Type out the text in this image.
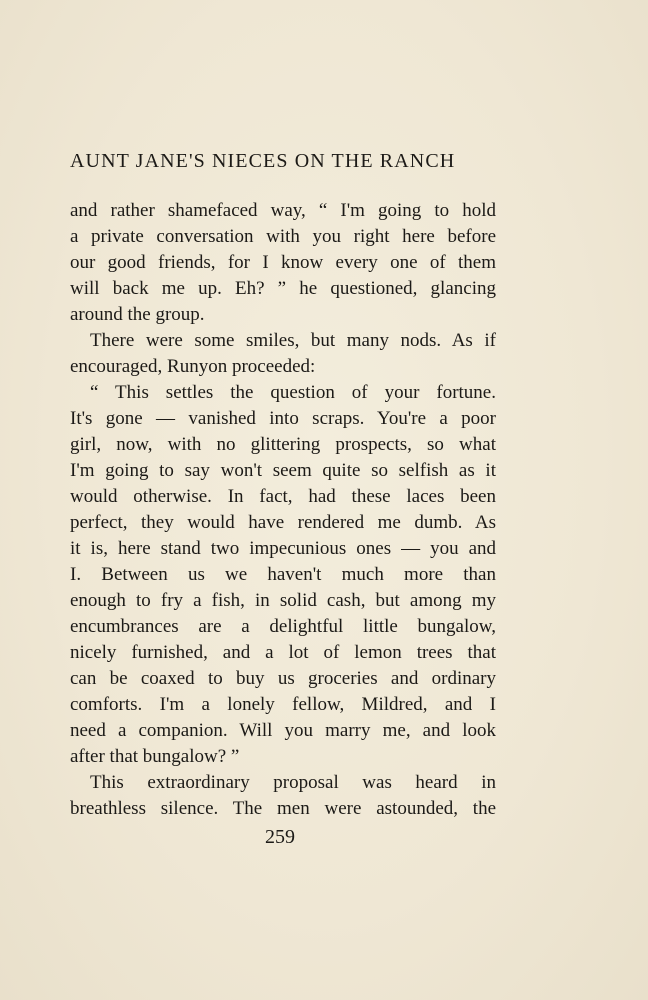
AUNT JANE'S NIECES ON THE RANCH
and rather shamefaced way, “ I'm going to hold
a private conversation with you right here before
our good friends, for I know every one of them
will back me up. Eh? ” he questioned, glancing
around the group.
There were some smiles, but many nods. As if
encouraged, Runyon proceeded:
“ This settles the question of your fortune.
It's gone — vanished into scraps. You're a poor
girl, now, with no glittering prospects, so what
I'm going to say won't seem quite so selfish as it
would otherwise. In fact, had these laces been
perfect, they would have rendered me dumb. As
it is, here stand two impecunious ones — you and
I. Between us we haven't much more than
enough to fry a fish, in solid cash, but among my
encumbrances are a delightful little bungalow,
nicely furnished, and a lot of lemon trees that
can be coaxed to buy us groceries and ordinary
comforts. I'm a lonely fellow, Mildred, and I
need a companion. Will you marry me, and look
after that bungalow? ”
This extraordinary proposal was heard in
breathless silence. The men were astounded, the
259
